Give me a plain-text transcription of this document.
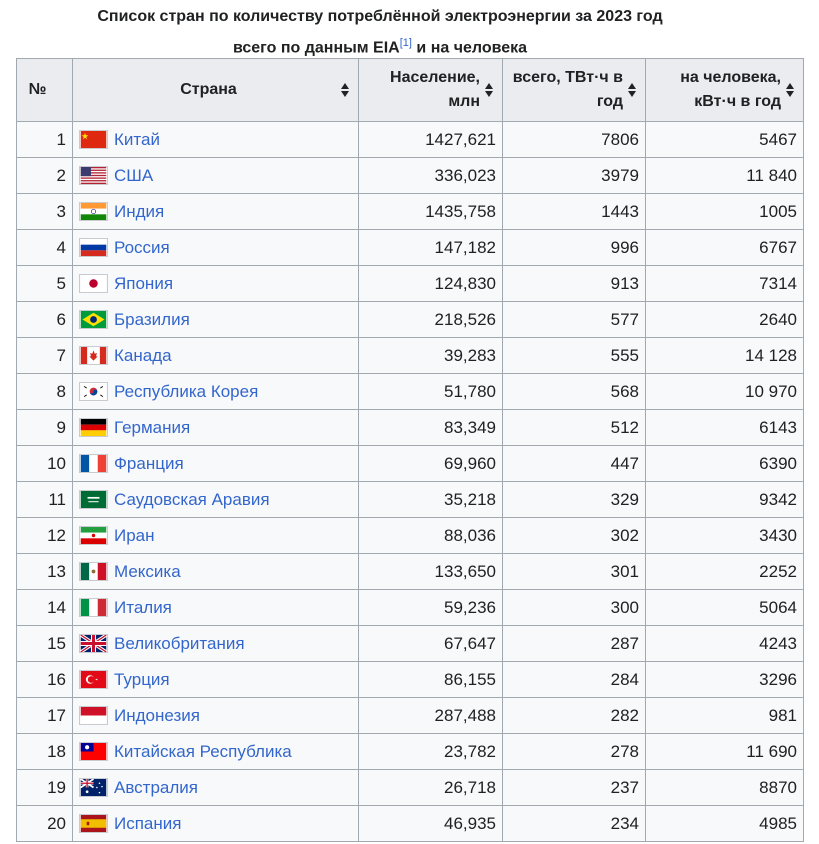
Список стран по количеству потреблённой электроэнергии за 2023 год
всего по данным EIA[1] и на человека
№	Страна	Население, млн	всего, ТВт·ч в год	на человека, кВт·ч в год

1	Китай	1427,621	7806	5467
2	США	336,023	3979	11 840
3	Индия	1435,758	1443	1005
4	Россия	147,182	996	6767
5	Япония	124,830	913	7314
6	Бразилия	218,526	577	2640
7	Канада	39,283	555	14 128
8	Республика Корея	51,780	568	10 970
9	Германия	83,349	512	6143
10	Франция	69,960	447	6390
11	Саудовская Аравия	35,218	329	9342
12	Иран	88,036	302	3430
13	Мексика	133,650	301	2252
14	Италия	59,236	300	5064
15	Великобритания	67,647	287	4243
16	Турция	86,155	284	3296
17	Индонезия	287,488	282	981
18	Китайская Республика	23,782	278	11 690
19	Австралия	26,718	237	8870
20	Испания	46,935	234	4985
